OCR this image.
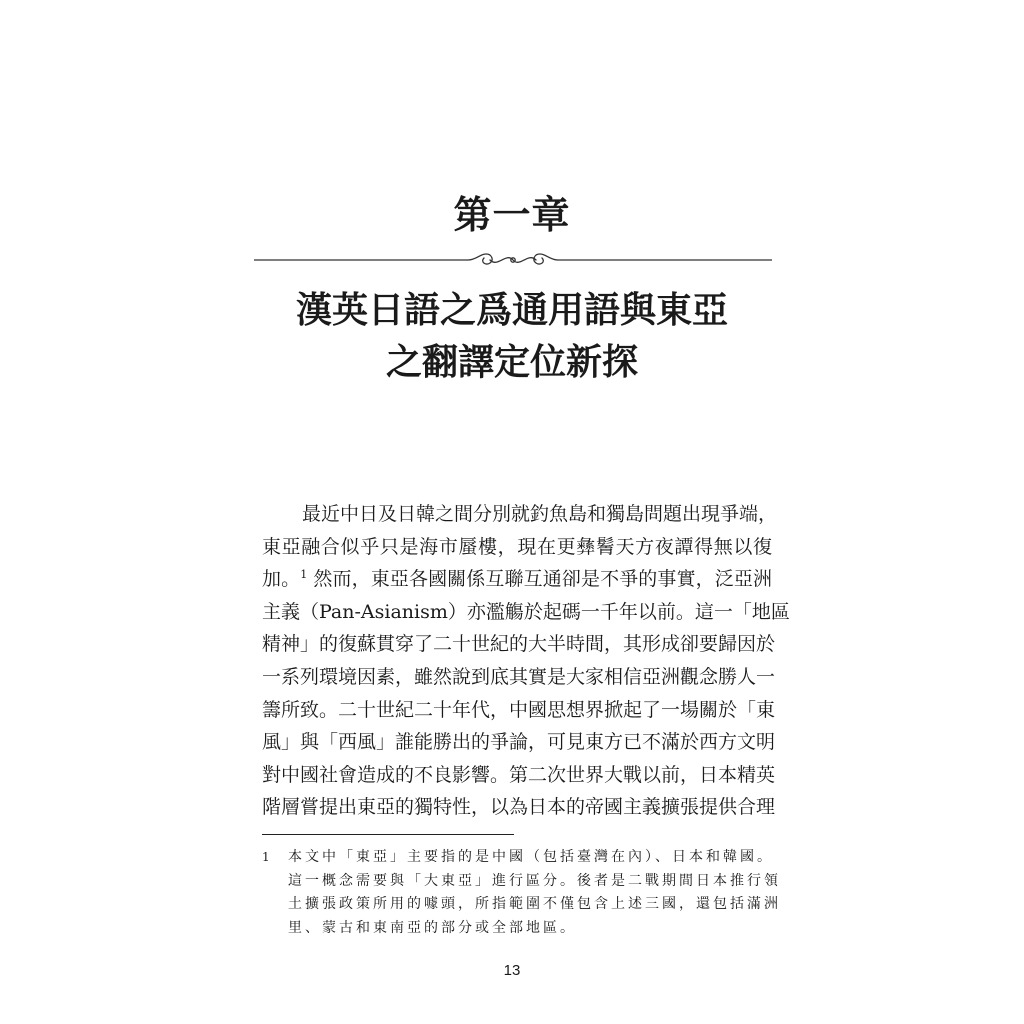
第一章
漢英日語之爲通用語與東亞
之翻譯定位新探
最近中日及日韓之間分別就釣魚島和獨島問題出現爭端，
東亞融合似乎只是海市蜃樓，現在更彝鬌天方夜譚得無以復
加。$^1$ 然而，東亞各國關係互聯互通卻是不爭的事實，泛亞洲
主義（Pan-Asianism）亦濫觴於起碼一千年以前。這一「地區
精神」的復蘇貫穿了二十世紀的大半時間，其形成卻要歸因於
一系列環境因素，雖然說到底其實是大家相信亞洲觀念勝人一
籌所致。二十世紀二十年代，中國思想界掀起了一場關於「東
風」與「西風」誰能勝出的爭論，可見東方已不滿於西方文明
對中國社會造成的不良影響。第二次世界大戰以前，日本精英
階層嘗提出東亞的獨特性，以為日本的帝國主義擴張提供合理
1 本文中「東亞」主要指的是中國（包括臺灣在內）、日本和韓國。
這一概念需要與「大東亞」進行區分。後者是二戰期間日本推行領
土擴張政策所用的噱頭，所指範圍不僅包含上述三國，還包括滿洲
里、蒙古和東南亞的部分或全部地區。
13
